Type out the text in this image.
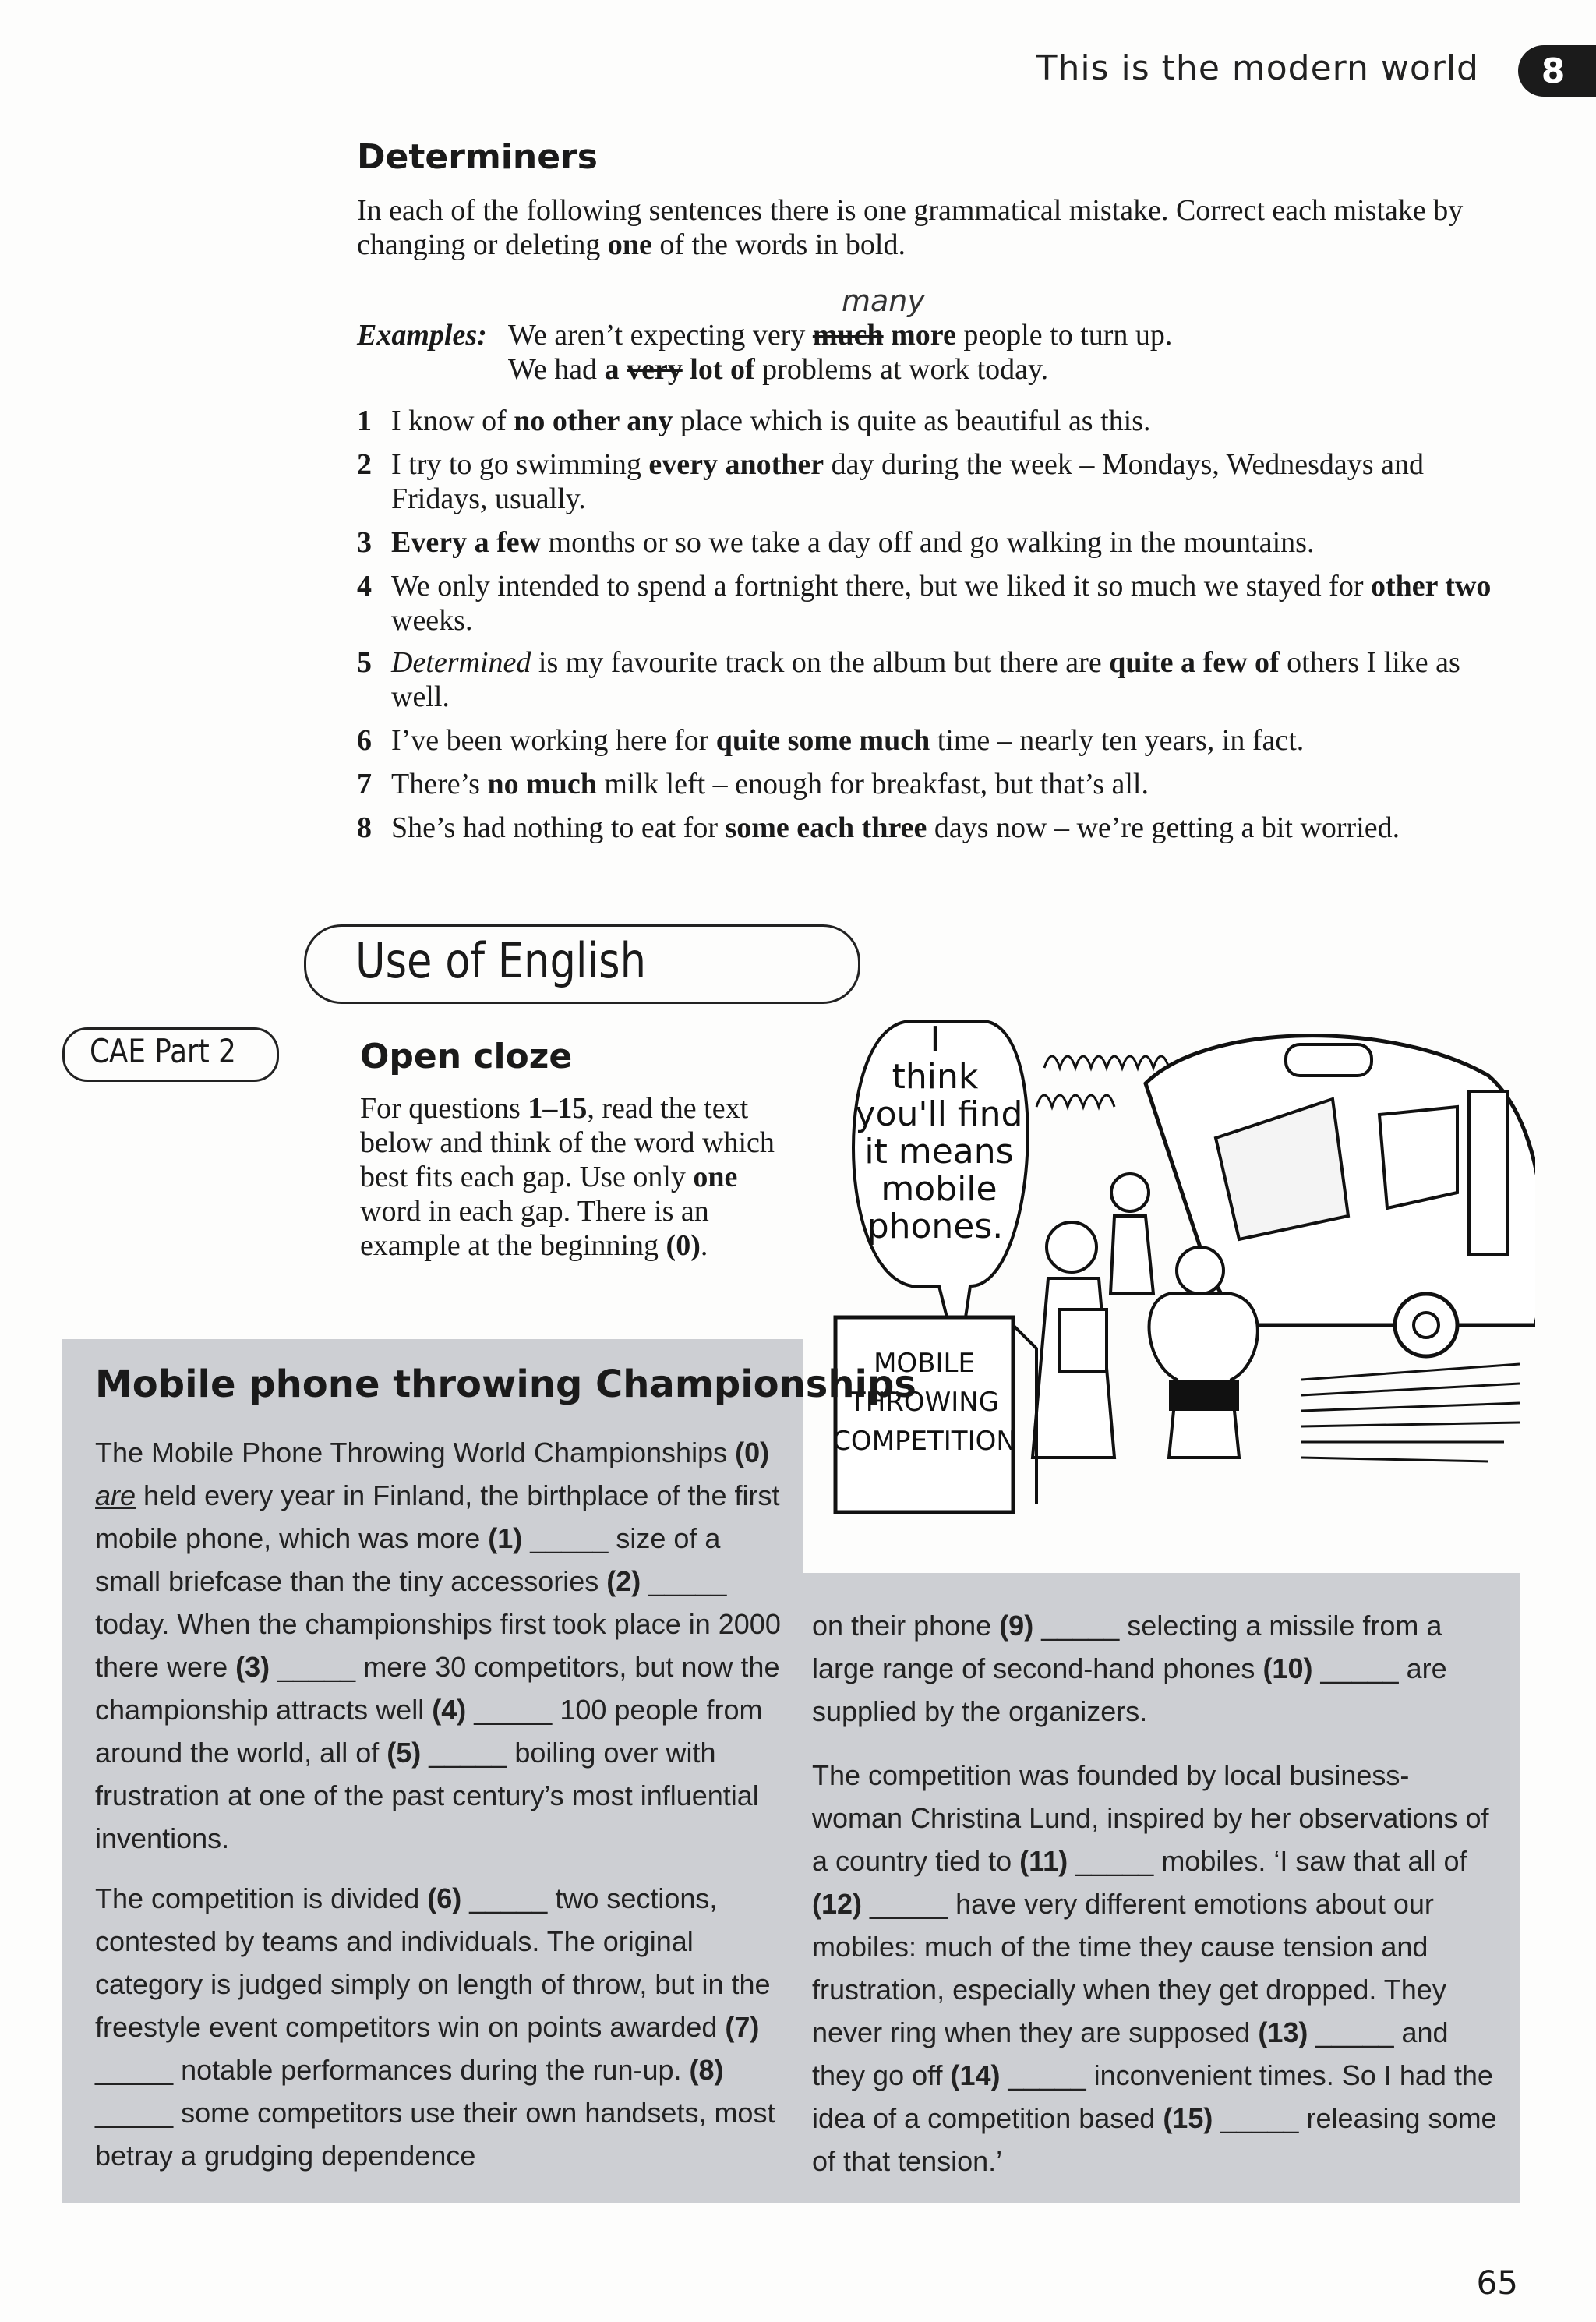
This is the modern world 8
Determiners
In each of the following sentences there is one grammatical mistake. Correct each mistake by changing or deleting one of the words in bold.
many
Examples: We aren’t expecting very much more people to turn up.
We had a very lot of problems at work today.
1 I know of no other any place which is quite as beautiful as this.
2 I try to go swimming every another day during the week – Mondays, Wednesdays and Fridays, usually.
3 Every a few months or so we take a day off and go walking in the mountains.
4 We only intended to spend a fortnight there, but we liked it so much we stayed for other two weeks.
5 Determined is my favourite track on the album but there are quite a few of others I like as well.
6 I’ve been working here for quite some much time – nearly ten years, in fact.
7 There’s no much milk left – enough for breakfast, but that’s all.
8 She’s had nothing to eat for some each three days now – we’re getting a bit worried.
Use of English
CAE Part 2	Open cloze
For questions 1–15, read the text below and think of the word which best fits each gap. Use only one word in each gap. There is an example at the beginning (0).
I
think
you'll find
it means
mobile
phones.
MOBILE
THROWING
COMPETITION
Mobile phone throwing Championships
The Mobile Phone Throwing World Championships (0) are held every year in Finland, the birthplace of the first mobile phone, which was more (1) _____ size of a small briefcase than the tiny accessories (2) _____ today. When the championships first took place in 2000 there were (3) _____ mere 30 competitors, but now the championship attracts well (4) _____ 100 people from around the world, all of (5) _____ boiling over with frustration at one of the past century’s most influential inventions.
The competition is divided (6) _____ two sections, contested by teams and individuals. The original category is judged simply on length of throw, but in the freestyle event competitors win on points awarded (7) _____ notable performances during the run-up. (8) _____ some competitors use their own handsets, most betray a grudging dependence
on their phone (9) _____ selecting a missile from a large range of second-hand phones (10) _____ are supplied by the organizers.
The competition was founded by local business-woman Christina Lund, inspired by her observations of a country tied to (11) _____ mobiles. ‘I saw that all of (12) _____ have very different emotions about our mobiles: much of the time they cause tension and frustration, especially when they get dropped. They never ring when they are supposed (13) _____ and they go off (14) _____ inconvenient times. So I had the idea of a competition based (15) _____ releasing some of that tension.’
65
